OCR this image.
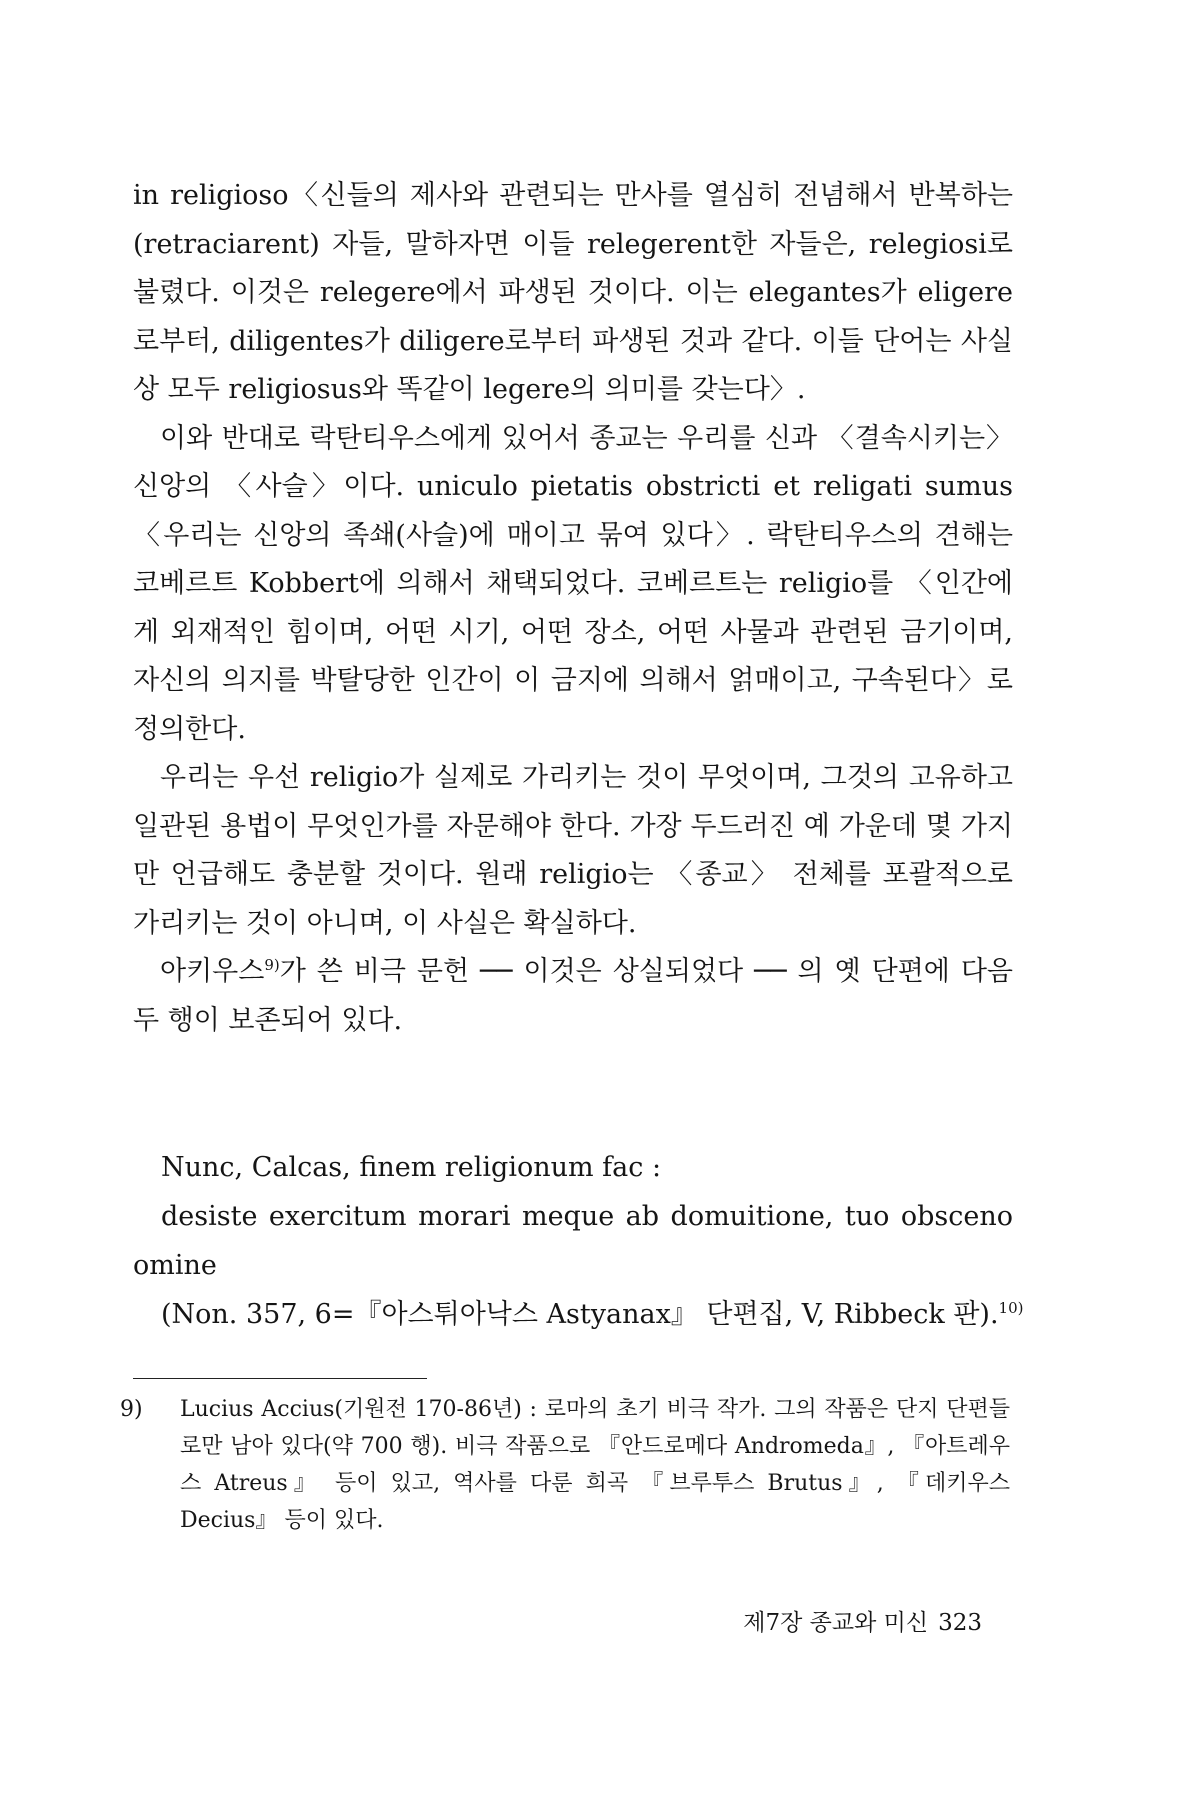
in religioso〈신들의 제사와 관련되는 만사를 열심히 전념해서 반복하는 (retraciarent) 자들, 말하자면 이들 relegerent한 자들은, relegiosi로 불렸다. 이것은 relegere에서 파생된 것이다. 이는 elegantes가 eligere로부터, diligentes가 diligere로부터 파생된 것과 같다. 이들 단어는 사실상 모두 religiosus와 똑같이 legere의 의미를 갖는다〉.

이와 반대로 락탄티우스에게 있어서 종교는 우리를 신과 〈결속시키는〉 신앙의 〈사슬〉이다. uniculo pietatis obstricti et religati sumus〈우리는 신앙의 족쇄(사슬)에 매이고 묶여 있다〉. 락탄티우스의 견해는 코베르트 Kobbert에 의해서 채택되었다. 코베르트는 religio를 〈인간에게 외재적인 힘이며, 어떤 시기, 어떤 장소, 어떤 사물과 관련된 금기이며, 자신의 의지를 박탈당한 인간이 이 금지에 의해서 얽매이고, 구속된다〉로 정의한다.

우리는 우선 religio가 실제로 가리키는 것이 무엇이며, 그것의 고유하고 일관된 용법이 무엇인가를 자문해야 한다. 가장 두드러진 예 가운데 몇 가지만 언급해도 충분할 것이다. 원래 religio는 〈종교〉 전체를 포괄적으로 가리키는 것이 아니며, 이 사실은 확실하다.

아키우스$^{9)}$가 쓴 비극 문헌 ── 이것은 상실되었다 ── 의 옛 단편에 다음 두 행이 보존되어 있다.

Nunc, Calcas, finem religionum fac :

desiste exercitum morari meque ab domuitione, tuo obsceno

omine

(Non. 357, 6=『아스튀아낙스 Astyanax』 단편집, V, Ribbeck 판).$^{10)}$

9) Lucius Accius(기원전 170-86년) : 로마의 초기 비극 작가. 그의 작품은 단지 단편들로만 남아 있다(약 700 행). 비극 작품으로 『안드로메다 Andromeda』, 『아트레우스 Atreus』 등이 있고, 역사를 다룬 희곡 『브루투스 Brutus』, 『데키우스 Decius』 등이 있다.
제7장 종교와 미신 323
